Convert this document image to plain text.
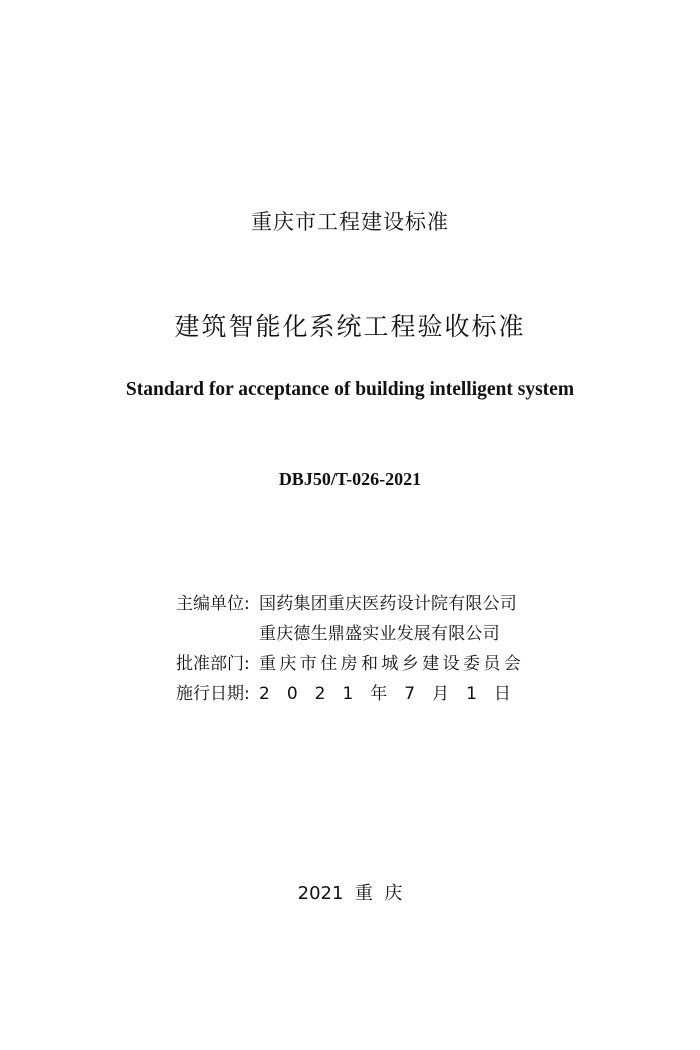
重庆市工程建设标准
建筑智能化系统工程验收标准
Standard for acceptance of building intelligent system
DBJ50/T-026-2021
主编单位: 国药集团重庆医药设计院有限公司
重庆德生鼎盛实业发展有限公司
批准部门: 重庆市住房和城乡建设委员会
施行日期: 2021年7月1日
2021  重  庆
